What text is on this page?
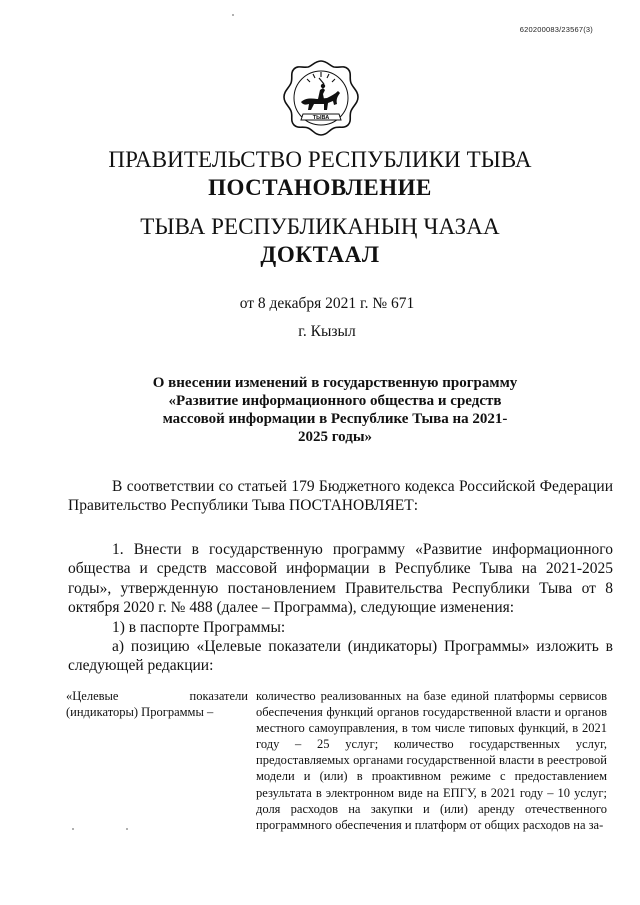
620200083/23567(3)
ТЫВА
ПРАВИТЕЛЬСТВО РЕСПУБЛИКИ ТЫВА
ПОСТАНОВЛЕНИЕ
ТЫВА РЕСПУБЛИКАНЫҢ ЧАЗАА
ДОКТААЛ
от 8 декабря 2021 г. № 671
г. Кызыл
О внесении изменений в государственную программу «Развитие информационного общества и средств массовой информации в Республике Тыва на 2021-2025 годы»
В соответствии со статьей 179 Бюджетного кодекса Российской Федерации Правительство Республики Тыва ПОСТАНОВЛЯЕТ:
1. Внести в государственную программу «Развитие информационного общества и средств массовой информации в Республике Тыва на 2021-2025 годы», утвержденную постановлением Правительства Республики Тыва от 8 октября 2020 г. № 488 (далее – Программа), следующие изменения:
1) в паспорте Программы:
а) позицию «Целевые показатели (индикаторы) Программы» изложить в следующей редакции:
«Целевые показатели (индикаторы) Программы –
количество реализованных на базе единой платформы сервисов обеспечения функций органов государственной власти и органов местного самоуправления, в том числе типовых функций, в 2021 году – 25 услуг; количество государственных услуг, предоставляемых органами государственной власти в реестровой модели и (или) в проактивном режиме с предоставлением результата в электронном виде на ЕПГУ, в 2021 году – 10 услуг; доля расходов на закупки и (или) аренду отечественного программного обеспечения и платформ от общих расходов на за-
